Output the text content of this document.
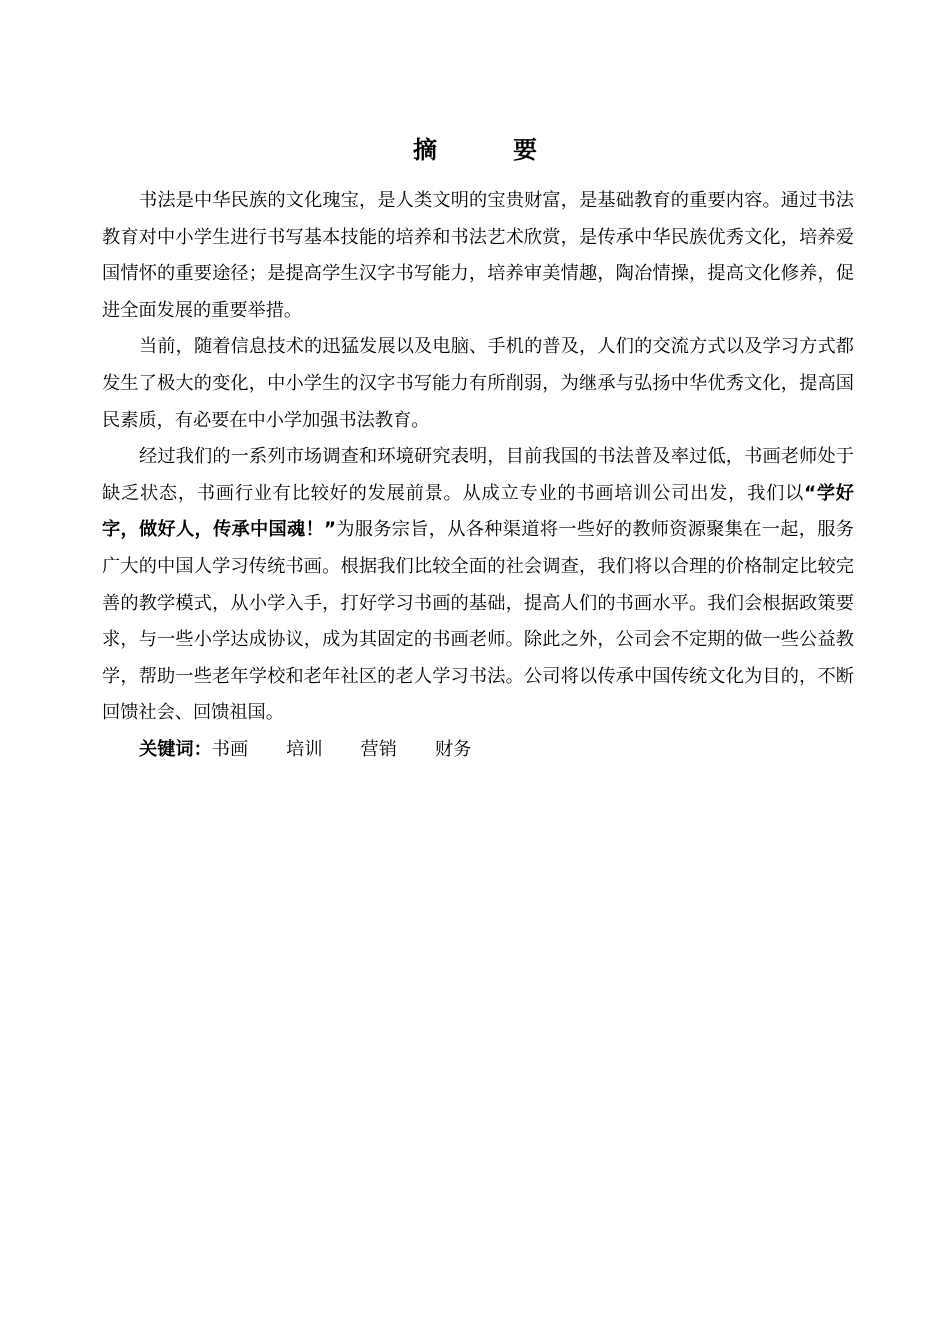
摘	要

书法是中华民族的文化瑰宝，是人类文明的宝贵财富，是基础教育的重要内容。通过书法教育对中小学生进行书写基本技能的培养和书法艺术欣赏，是传承中华民族优秀文化，培养爱国情怀的重要途径；是提高学生汉字书写能力，培养审美情趣，陶冶情操，提高文化修养，促进全面发展的重要举措。

当前，随着信息技术的迅猛发展以及电脑、手机的普及，人们的交流方式以及学习方式都发生了极大的变化，中小学生的汉字书写能力有所削弱，为继承与弘扬中华优秀文化，提高国民素质，有必要在中小学加强书法教育。

经过我们的一系列市场调查和环境研究表明，目前我国的书法普及率过低，书画老师处于缺乏状态，书画行业有比较好的发展前景。从成立专业的书画培训公司出发，我们以“学好字，做好人，传承中国魂！”为服务宗旨，从各种渠道将一些好的教师资源聚集在一起，服务广大的中国人学习传统书画。根据我们比较全面的社会调查，我们将以合理的价格制定比较完善的教学模式，从小学入手，打好学习书画的基础，提高人们的书画水平。我们会根据政策要求，与一些小学达成协议，成为其固定的书画老师。除此之外，公司会不定期的做一些公益教学，帮助一些老年学校和老年社区的老人学习书法。公司将以传承中国传统文化为目的，不断回馈社会、回馈祖国。

关键词：书画 培训 营销 财务
